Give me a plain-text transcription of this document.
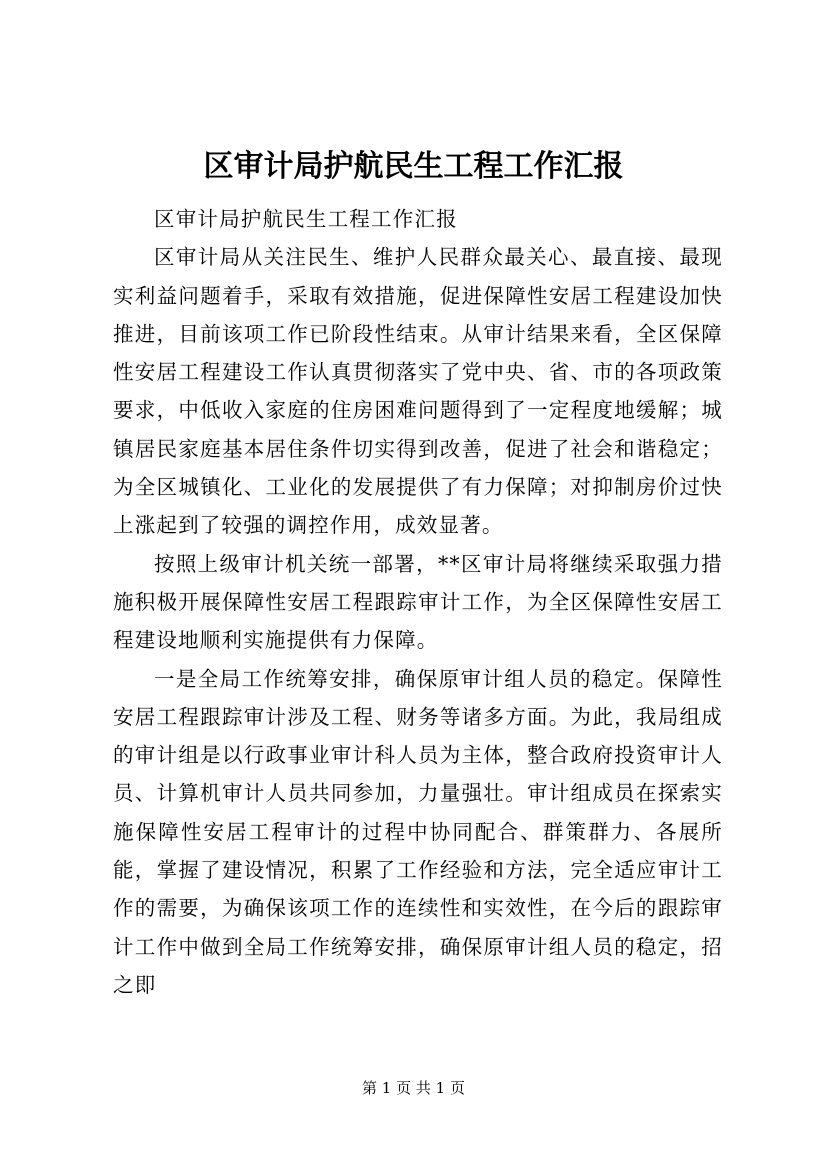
区审计局护航民生工程工作汇报

区审计局护航民生工程工作汇报

区审计局从关注民生、维护人民群众最关心、最直接、最现实利益问题着手，采取有效措施，促进保障性安居工程建设加快推进，目前该项工作已阶段性结束。从审计结果来看，全区保障性安居工程建设工作认真贯彻落实了党中央、省、市的各项政策要求，中低收入家庭的住房困难问题得到了一定程度地缓解；城镇居民家庭基本居住条件切实得到改善，促进了社会和谐稳定；为全区城镇化、工业化的发展提供了有力保障；对抑制房价过快上涨起到了较强的调控作用，成效显著。

按照上级审计机关统一部署，**区审计局将继续采取强力措施积极开展保障性安居工程跟踪审计工作，为全区保障性安居工程建设地顺利实施提供有力保障。

一是全局工作统筹安排，确保原审计组人员的稳定。保障性安居工程跟踪审计涉及工程、财务等诸多方面。为此，我局组成的审计组是以行政事业审计科人员为主体，整合政府投资审计人员、计算机审计人员共同参加，力量强壮。审计组成员在探索实施保障性安居工程审计的过程中协同配合、群策群力、各展所能，掌握了建设情况，积累了工作经验和方法，完全适应审计工作的需要，为确保该项工作的连续性和实效性，在今后的跟踪审计工作中做到全局工作统筹安排，确保原审计组人员的稳定，招之即

第 1 页 共 1 页
